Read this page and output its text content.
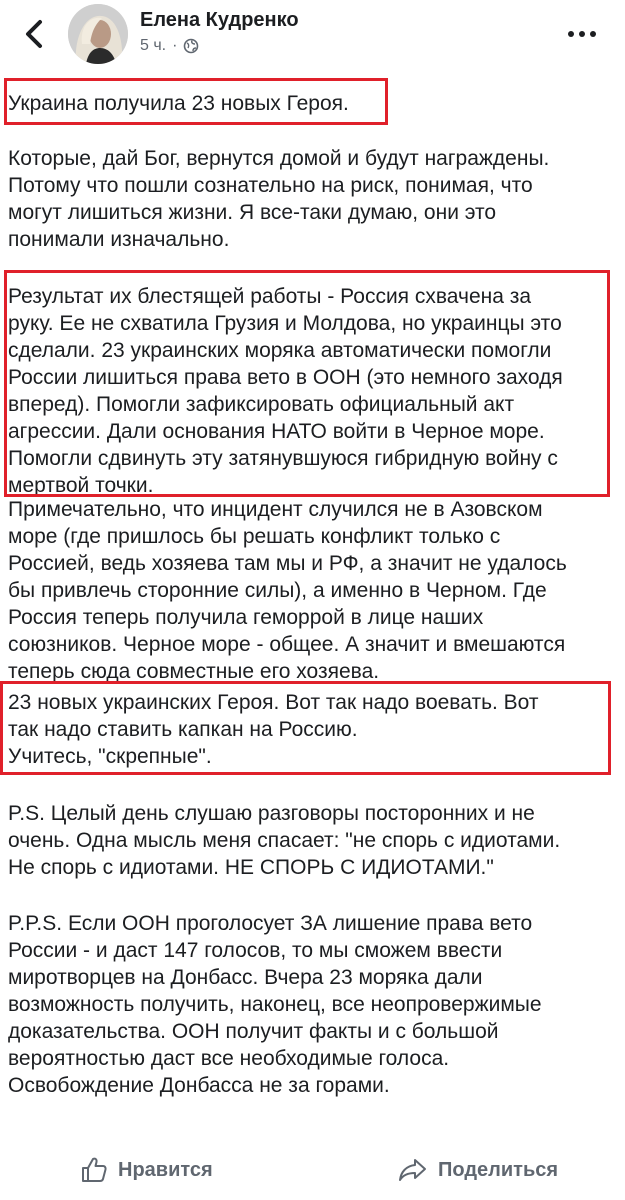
Елена Кудренко
5 ч. ·

Украина получила 23 новых Героя.

Которые, дай Бог, вернутся домой и будут награждены.
Потому что пошли сознательно на риск, понимая, что
могут лишиться жизни. Я все-таки думаю, они это
понимали изначально.

Результат их блестящей работы - Россия схвачена за
руку. Ее не схватила Грузия и Молдова, но украинцы это
сделали. 23 украинских моряка автоматически помогли
России лишиться права вето в ООН (это немного заходя
вперед). Помогли зафиксировать официальный акт
агрессии. Дали основания НАТО войти в Черное море.
Помогли сдвинуть эту затянувшуюся гибридную войну с
мертвой точки.

Примечательно, что инцидент случился не в Азовском
море (где пришлось бы решать конфликт только с
Россией, ведь хозяева там мы и РФ, а значит не удалось
бы привлечь сторонние силы), а именно в Черном. Где
Россия теперь получила геморрой в лице наших
союзников. Черное море - общее. А значит и вмешаются
теперь сюда совместные его хозяева.

23 новых украинских Героя. Вот так надо воевать. Вот
так надо ставить капкан на Россию.
Учитесь, "скрепные".

P.S. Целый день слушаю разговоры посторонних и не
очень. Одна мысль меня спасает: "не спорь с идиотами.
Не спорь с идиотами. НЕ СПОРЬ С ИДИОТАМИ."

P.P.S. Если ООН проголосует ЗА лишение права вето
России - и даст 147 голосов, то мы сможем ввести
миротворцев на Донбасс. Вчера 23 моряка дали
возможность получить, наконец, все неопровержимые
доказательства. ООН получит факты и с большой
вероятностью даст все необходимые голоса.
Освобождение Донбасса не за горами.

Нравится	Поделиться
